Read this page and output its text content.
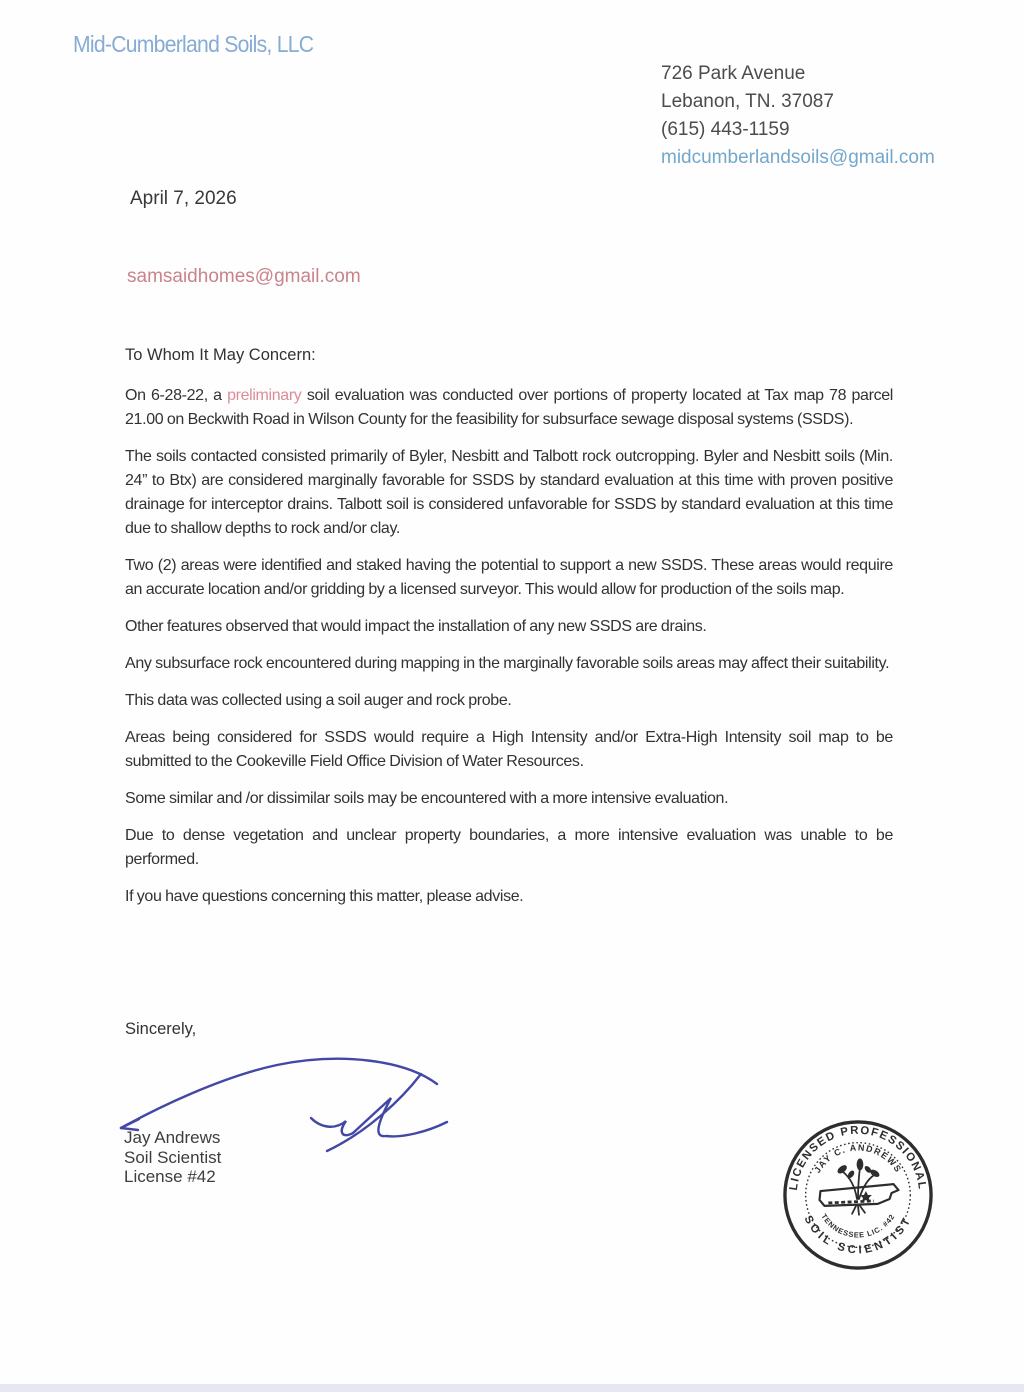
Mid-Cumberland Soils, LLC
726 Park Avenue
Lebanon, TN. 37087
(615) 443-1159
midcumberlandsoils@gmail.com
April 7, 2026
samsaidhomes@gmail.com
To Whom It May Concern:

On 6-28-22, a preliminary soil evaluation was conducted over portions of property located at Tax map 78 parcel 21.00 on Beckwith Road in Wilson County for the feasibility for subsurface sewage disposal systems (SSDS).

The soils contacted consisted primarily of Byler, Nesbitt and Talbott rock outcropping. Byler and Nesbitt soils (Min. 24” to Btx) are considered marginally favorable for SSDS by standard evaluation at this time with proven positive drainage for interceptor drains. Talbott soil is considered unfavorable for SSDS by standard evaluation at this time due to shallow depths to rock and/or clay.

Two (2) areas were identified and staked having the potential to support a new SSDS. These areas would require an accurate location and/or gridding by a licensed surveyor. This would allow for production of the soils map.

Other features observed that would impact the installation of any new SSDS are drains.

Any subsurface rock encountered during mapping in the marginally favorable soils areas may affect their suitability.

This data was collected using a soil auger and rock probe.

Areas being considered for SSDS would require a High Intensity and/or Extra-High Intensity soil map to be submitted to the Cookeville Field Office Division of Water Resources.

Some similar and /or dissimilar soils may be encountered with a more intensive evaluation.

Due to dense vegetation and unclear property boundaries, a more intensive evaluation was unable to be performed.

If you have questions concerning this matter, please advise.

Sincerely,
Jay Andrews
Soil Scientist
License #42
LICENSED PROFESSIONAL
SOIL SCIENTIST
JAY C. ANDREWS
TENNESSEE LIC. #42
